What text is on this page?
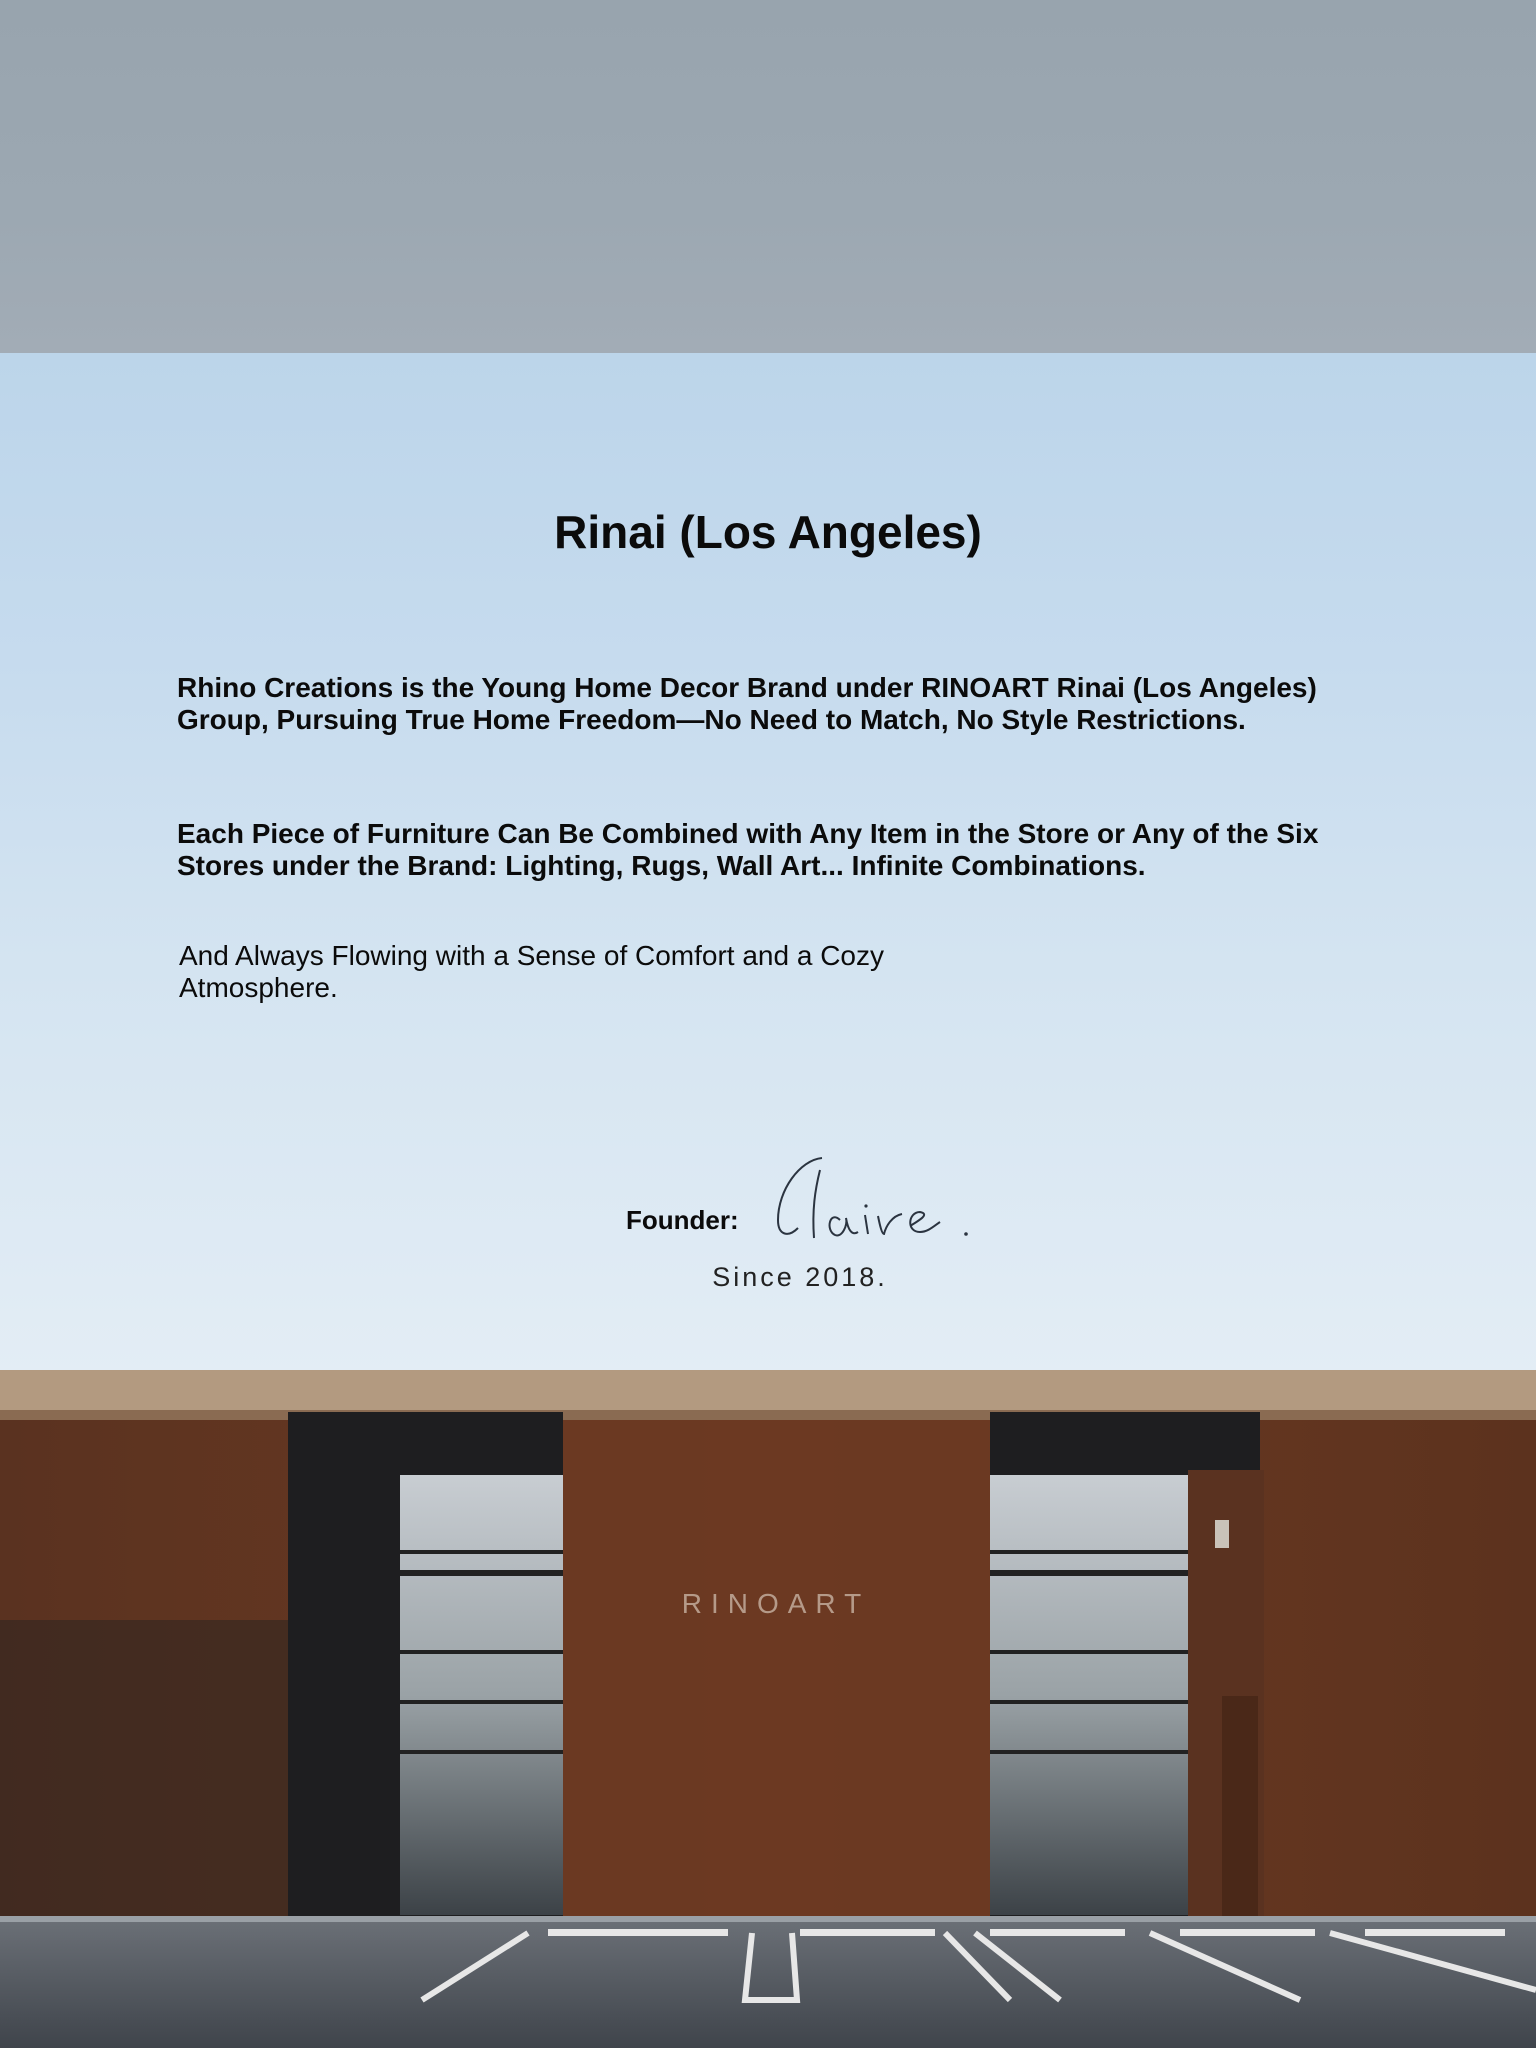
Rinai (Los Angeles)
Rhino Creations is the Young Home Decor Brand under RINOART Rinai (Los Angeles) Group, Pursuing True Home Freedom—No Need to Match, No Style Restrictions.
Each Piece of Furniture Can Be Combined with Any Item in the Store or Any of the Six Stores under the Brand: Lighting, Rugs, Wall Art... Infinite Combinations.
And Always Flowing with a Sense of Comfort and a Cozy Atmosphere.
Founder:
Since 2018.
RINOART
